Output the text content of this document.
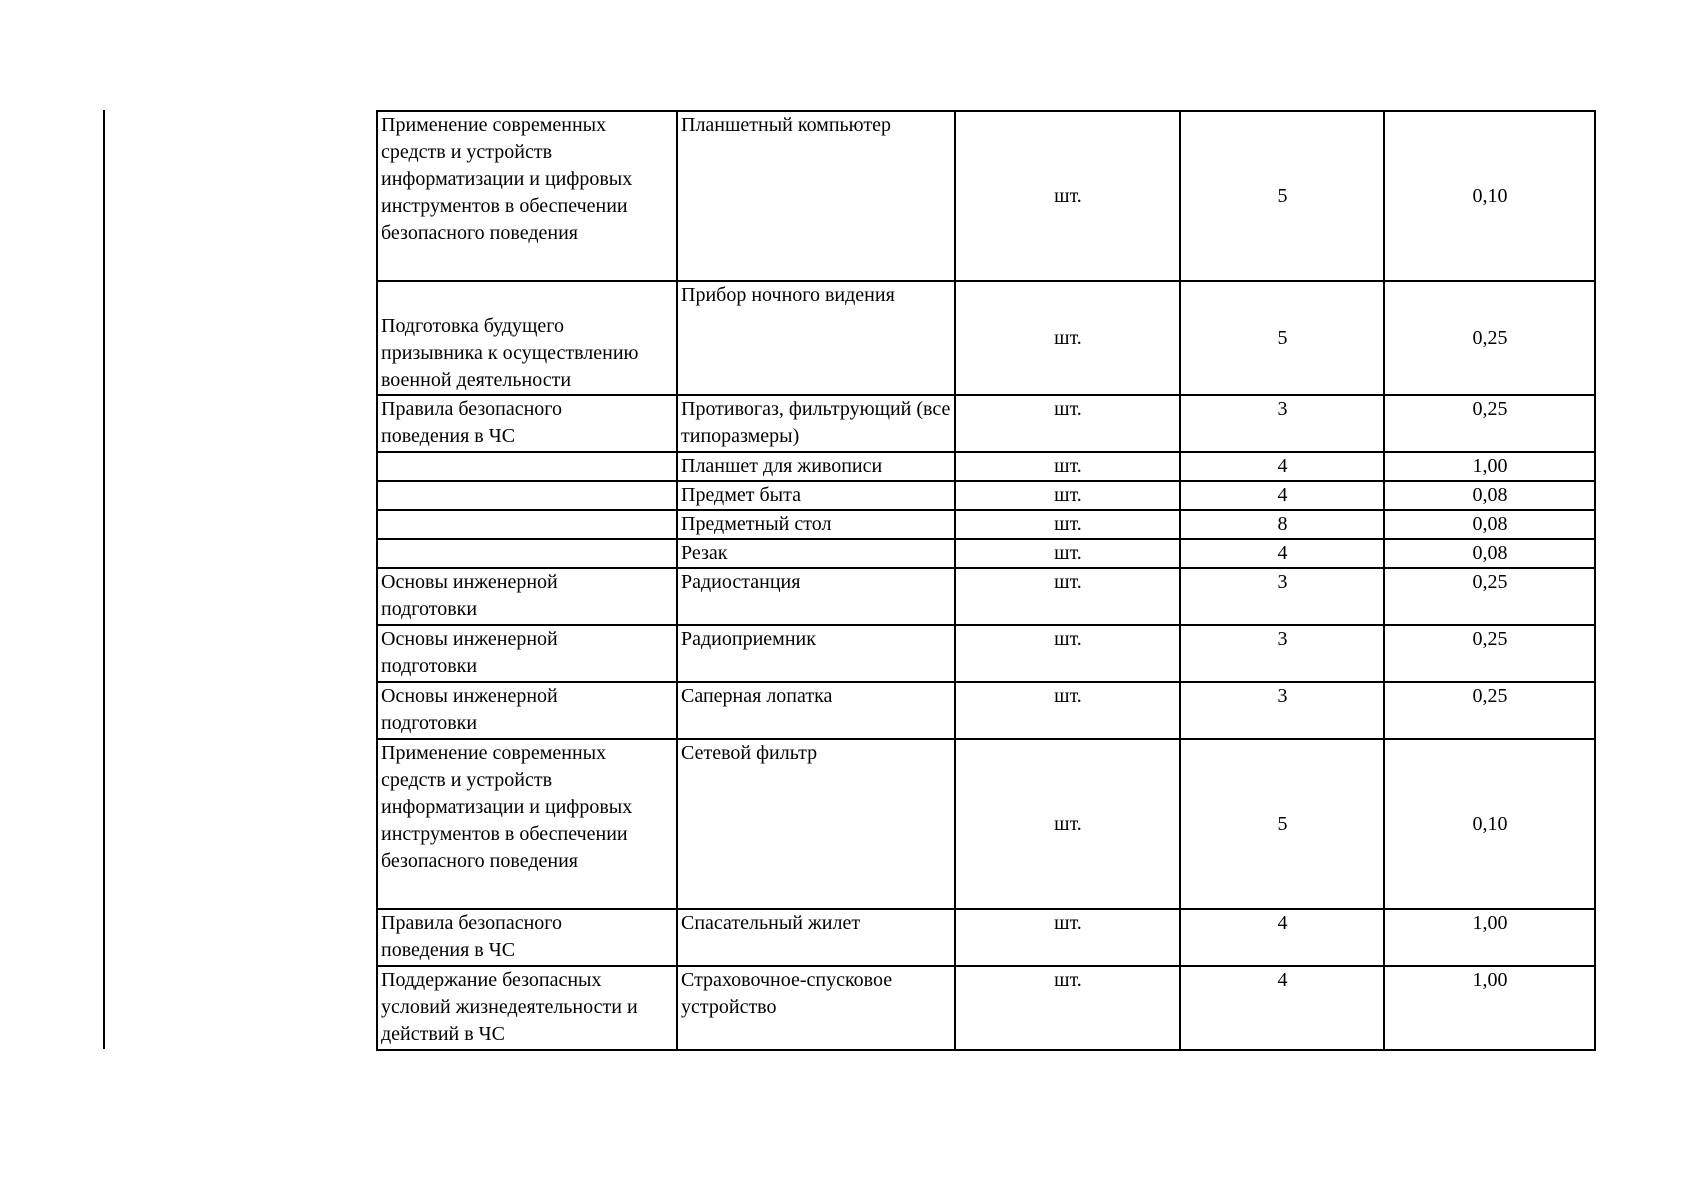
Применение современных
средств и устройств
информатизации и цифровых
инструментов в обеспечении
безопасного поведения	Планшетный компьютер	шт.	5	0,10
Подготовка будущего
призывника к осуществлению
военной деятельности	Прибор ночного видения	шт.	5	0,25
Правила безопасного
поведения в ЧС	Противогаз, фильтрующий (все типоразмеры)	шт.	3	0,25
	Планшет для живописи	шт.	4	1,00
	Предмет быта	шт.	4	0,08
	Предметный стол	шт.	8	0,08
	Резак	шт.	4	0,08
Основы инженерной
подготовки	Радиостанция	шт.	3	0,25
Основы инженерной
подготовки	Радиоприемник	шт.	3	0,25
Основы инженерной
подготовки	Саперная лопатка	шт.	3	0,25
Применение современных
средств и устройств
информатизации и цифровых
инструментов в обеспечении
безопасного поведения	Сетевой фильтр	шт.	5	0,10
Правила безопасного
поведения в ЧС	Спасательный жилет	шт.	4	1,00
Поддержание безопасных
условий жизнедеятельности и
действий в ЧС	Страховочное-спусковое устройство	шт.	4	1,00
